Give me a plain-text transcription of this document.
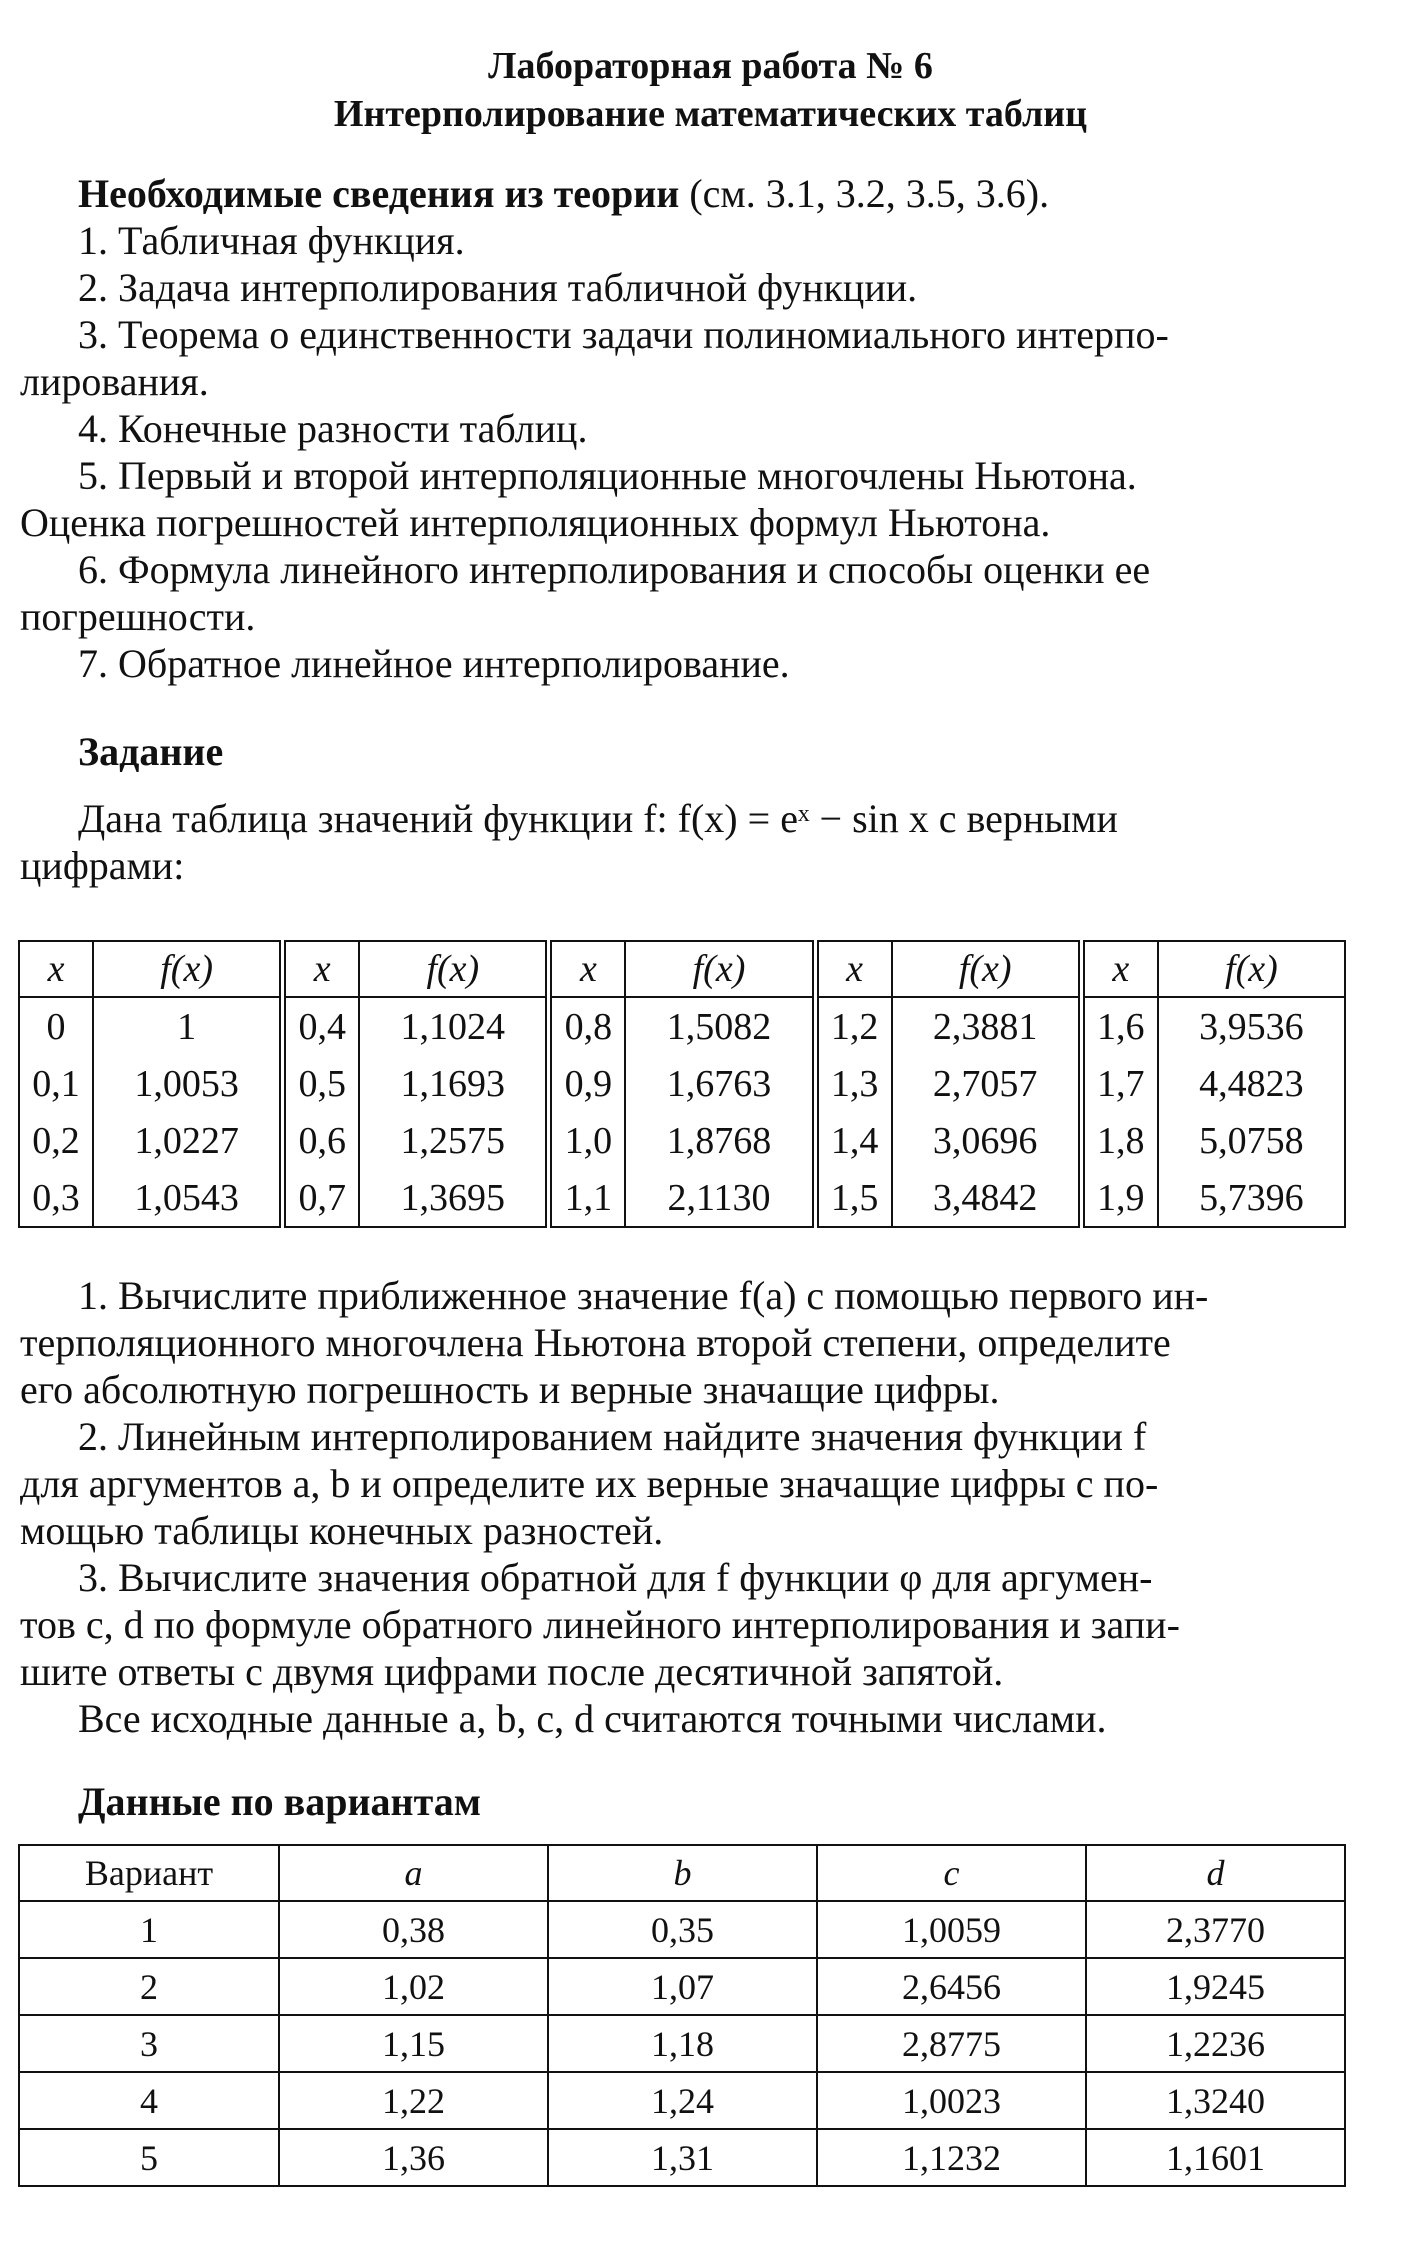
Лабораторная работа № 6
Интерполирование математических таблиц
Необходимые сведения из теории (см. 3.1, 3.2, 3.5, 3.6).
1. Табличная функция.
2. Задача интерполирования табличной функции.
3. Теорема о единственности задачи полиномиального интерпо-
лирования.
4. Конечные разности таблиц.
5. Первый и второй интерполяционные многочлены Ньютона.
Оценка погрешностей интерполяционных формул Ньютона.
6. Формула линейного интерполирования и способы оценки ее
погрешности.
7. Обратное линейное интерполирование.
Задание
Дана таблица значений функции f: f(x) = eˣ − sin x с верными
цифрами:
x	f(x)	x	f(x)	x	f(x)	x	f(x)	x	f(x)
0	1	0,4	1,1024	0,8	1,5082	1,2	2,3881	1,6	3,9536
0,1	1,0053	0,5	1,1693	0,9	1,6763	1,3	2,7057	1,7	4,4823
0,2	1,0227	0,6	1,2575	1,0	1,8768	1,4	3,0696	1,8	5,0758
0,3	1,0543	0,7	1,3695	1,1	2,1130	1,5	3,4842	1,9	5,7396
1. Вычислите приближенное значение f(a) с помощью первого ин-
терполяционного многочлена Ньютона второй степени, определите
его абсолютную погрешность и верные значащие цифры.
2. Линейным интерполированием найдите значения функции f
для аргументов a, b и определите их верные значащие цифры с по-
мощью таблицы конечных разностей.
3. Вычислите значения обратной для f функции φ для аргумен-
тов c, d по формуле обратного линейного интерполирования и запи-
шите ответы с двумя цифрами после десятичной запятой.
Все исходные данные a, b, c, d считаются точными числами.
Данные по вариантам
Вариант	a	b	c	d
1	0,38	0,35	1,0059	2,3770
2	1,02	1,07	2,6456	1,9245
3	1,15	1,18	2,8775	1,2236
4	1,22	1,24	1,0023	1,3240
5	1,36	1,31	1,1232	1,1601
